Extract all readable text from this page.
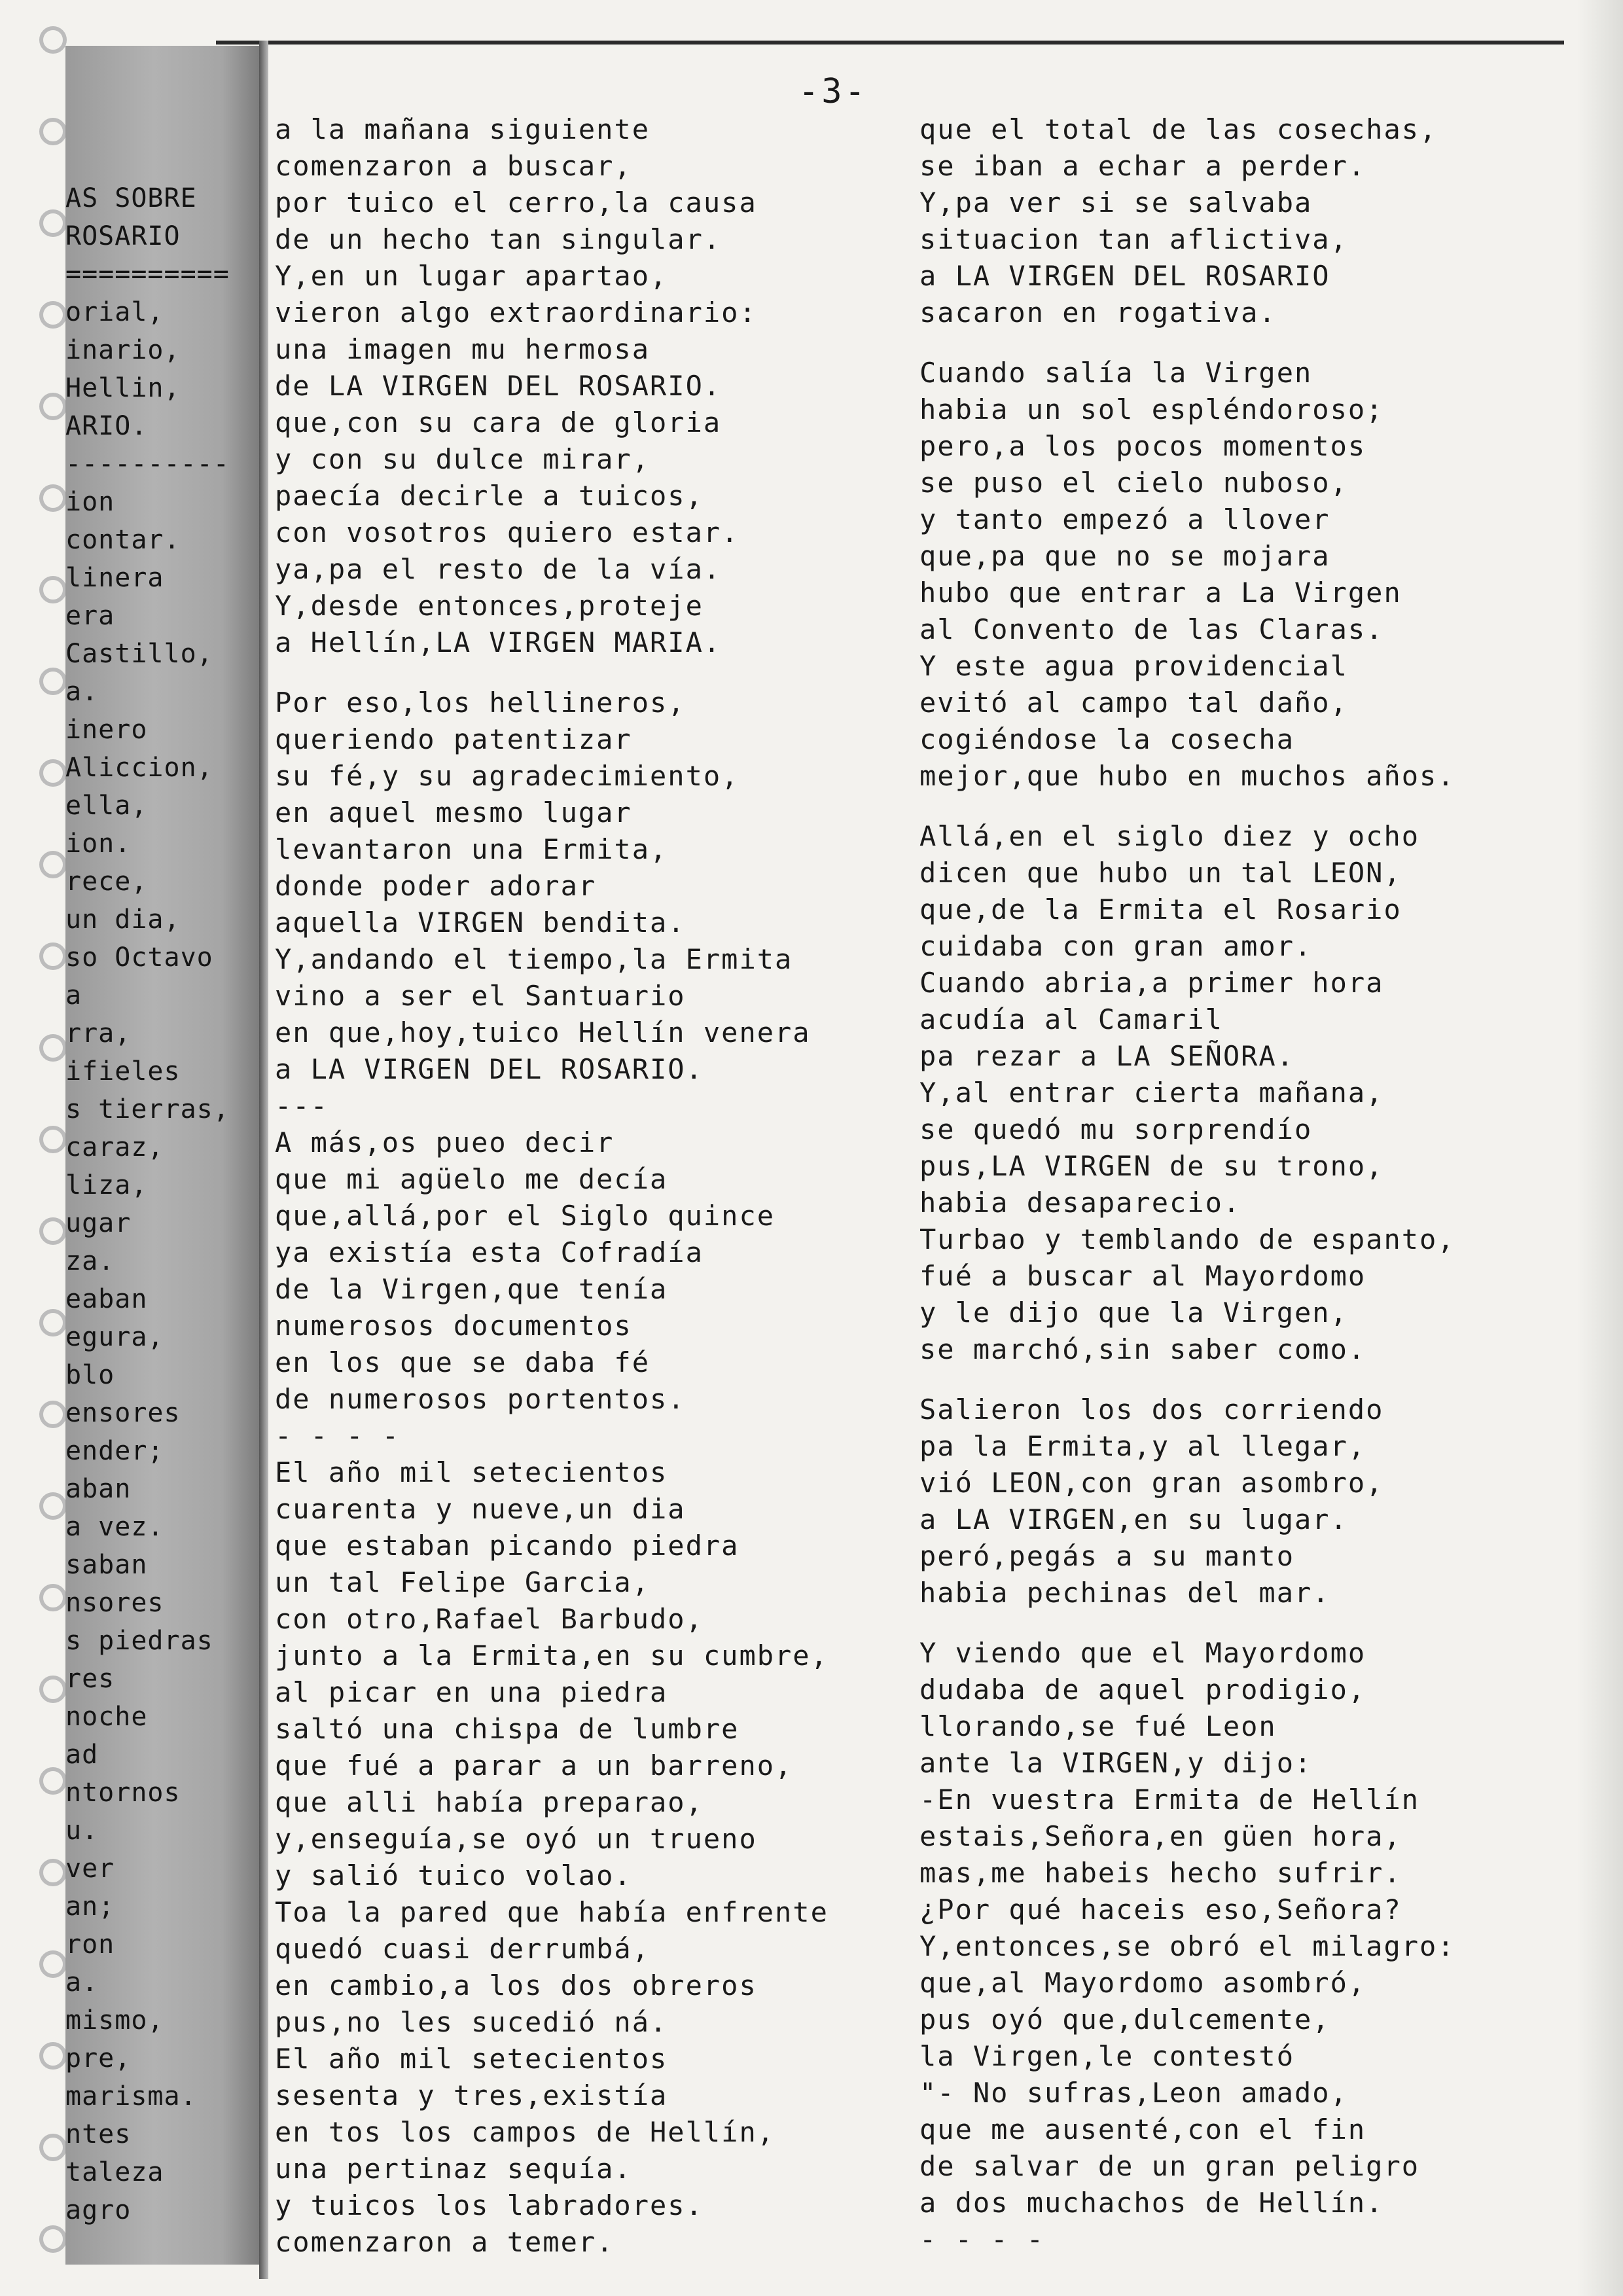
AS SOBRE
ROSARIO
==========
orial,
inario,
Hellin,
ARIO.
----------
ion
contar.
linera
era
Castillo,
a.
inero
Aliccion,
ella,
ion.
rece,
un dia,
so Octavo
a
rra,
ifieles
s tierras,
caraz,
liza,
ugar
za.
eaban
egura,
blo
ensores
ender;
aban
a vez.
saban
nsores
s piedras
res
noche
ad
ntornos
u.
ver
an;
ron
a.
mismo,
pre,
marisma.
ntes
taleza
agro
-3-
a la mañana siguiente
comenzaron a buscar,
por tuico el cerro,la causa
de un hecho tan singular.
Y,en un lugar apartao,
vieron algo extraordinario:
una imagen mu hermosa
de LA VIRGEN DEL ROSARIO.
que,con su cara de gloria
y con su dulce mirar,
paecía decirle a tuicos,
con vosotros quiero estar.
ya,pa el resto de la vía.
Y,desde entonces,proteje
a Hellín,LA VIRGEN MARIA.
Por eso,los hellineros,
queriendo patentizar
su fé,y su agradecimiento,
en aquel mesmo lugar
levantaron una Ermita,
donde poder adorar
aquella VIRGEN bendita.
Y,andando el tiempo,la Ermita
vino a ser el Santuario
en que,hoy,tuico Hellín venera
a LA VIRGEN DEL ROSARIO.
---
A más,os pueo decir
que mi agüelo me decía
que,allá,por el Siglo quince
ya existía esta Cofradía
de la Virgen,que tenía
numerosos documentos
en los que se daba fé
de numerosos portentos.
- - - -
El año mil setecientos
cuarenta y nueve,un dia
que estaban picando piedra
un tal Felipe Garcia,
con otro,Rafael Barbudo,
junto a la Ermita,en su cumbre,
al picar en una piedra
saltó una chispa de lumbre
que fué a parar a un barreno,
que alli había preparao,
y,enseguía,se oyó un trueno
y salió tuico volao.
Toa la pared que había enfrente
quedó cuasi derrumbá,
en cambio,a los dos obreros
pus,no les sucedió ná.
El año mil setecientos
sesenta y tres,existía
en tos los campos de Hellín,
una pertinaz sequía.
y tuicos los labradores.
comenzaron a temer.
que el total de las cosechas,
se iban a echar a perder.
Y,pa ver si se salvaba
situacion tan aflictiva,
a LA VIRGEN DEL ROSARIO
sacaron en rogativa.
Cuando salía la Virgen
habia un sol espléndoroso;
pero,a los pocos momentos
se puso el cielo nuboso,
y tanto empezó a llover
que,pa que no se mojara
hubo que entrar a La Virgen
al Convento de las Claras.
Y este agua providencial
evitó al campo tal daño,
cogiéndose la cosecha
mejor,que hubo en muchos años.
Allá,en el siglo diez y ocho
dicen que hubo un tal LEON,
que,de la Ermita el Rosario
cuidaba con gran amor.
Cuando abria,a primer hora
acudía al Camaril
pa rezar a LA SEÑORA.
Y,al entrar cierta mañana,
se quedó mu sorprendío
pus,LA VIRGEN de su trono,
habia desaparecio.
Turbao y temblando de espanto,
fué a buscar al Mayordomo
y le dijo que la Virgen,
se marchó,sin saber como.
Salieron los dos corriendo
pa la Ermita,y al llegar,
vió LEON,con gran asombro,
a LA VIRGEN,en su lugar.
peró,pegás a su manto
habia pechinas del mar.
Y viendo que el Mayordomo
dudaba de aquel prodigio,
llorando,se fué Leon
ante la VIRGEN,y dijo:
-En vuestra Ermita de Hellín
estais,Señora,en güen hora,
mas,me habeis hecho sufrir.
¿Por qué haceis eso,Señora?
Y,entonces,se obró el milagro:
que,al Mayordomo asombró,
pus oyó que,dulcemente,
la Virgen,le contestó
"- No sufras,Leon amado,
que me ausenté,con el fin
de salvar de un gran peligro
a dos muchachos de Hellín.
- - - -
